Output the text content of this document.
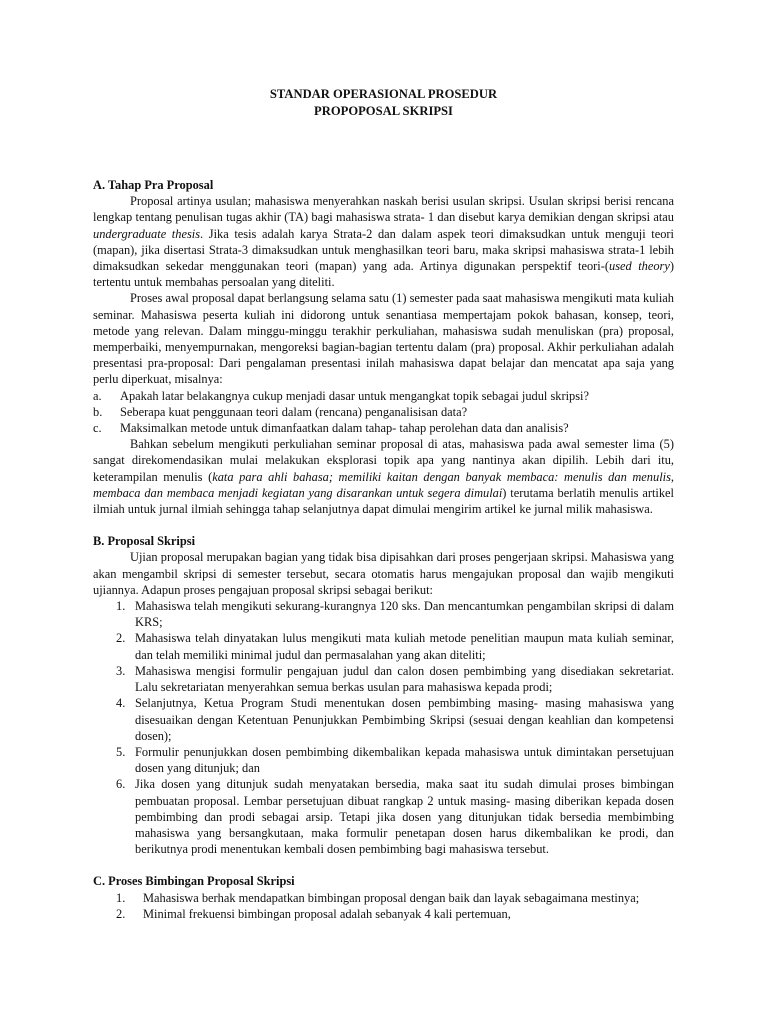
STANDAR OPERASIONAL PROSEDUR
PROPOPOSAL SKRIPSI
A. Tahap Pra Proposal

Proposal artinya usulan; mahasiswa menyerahkan naskah berisi usulan skripsi. Usulan skripsi berisi rencana lengkap tentang penulisan tugas akhir (TA) bagi mahasiswa strata- 1 dan disebut karya demikian dengan skripsi atau undergraduate thesis. Jika tesis adalah karya Strata-2 dan dalam aspek teori dimaksudkan untuk menguji teori (mapan), jika disertasi Strata-3 dimaksudkan untuk menghasilkan teori baru, maka skripsi mahasiswa strata-1 lebih dimaksudkan sekedar menggunakan teori (mapan) yang ada. Artinya digunakan perspektif teori-(used theory) tertentu untuk membahas persoalan yang diteliti.

Proses awal proposal dapat berlangsung selama satu (1) semester pada saat mahasiswa mengikuti mata kuliah seminar. Mahasiswa peserta kuliah ini didorong untuk senantiasa mempertajam pokok bahasan, konsep, teori, metode yang relevan. Dalam minggu-minggu terakhir perkuliahan, mahasiswa sudah menuliskan (pra) proposal, memperbaiki, menyempurnakan, mengoreksi bagian-bagian tertentu dalam (pra) proposal. Akhir perkuliahan adalah presentasi pra-proposal: Dari pengalaman presentasi inilah mahasiswa dapat belajar dan mencatat apa saja yang perlu diperkuat, misalnya:

a. Apakah latar belakangnya cukup menjadi dasar untuk mengangkat topik sebagai judul skripsi?
b. Seberapa kuat penggunaan teori dalam (rencana) penganalisisan data?
c. Maksimalkan metode untuk dimanfaatkan dalam tahap- tahap perolehan data dan analisis?

Bahkan sebelum mengikuti perkuliahan seminar proposal di atas, mahasiswa pada awal semester lima (5) sangat direkomendasikan mulai melakukan eksplorasi topik apa yang nantinya akan dipilih. Lebih dari itu, keterampilan menulis (kata para ahli bahasa; memiliki kaitan dengan banyak membaca: menulis dan menulis, membaca dan membaca menjadi kegiatan yang disarankan untuk segera dimulai) terutama berlatih menulis artikel ilmiah untuk jurnal ilmiah sehingga tahap selanjutnya dapat dimulai mengirim artikel ke jurnal milik mahasiswa.

B. Proposal Skripsi

Ujian proposal merupakan bagian yang tidak bisa dipisahkan dari proses pengerjaan skripsi. Mahasiswa yang akan mengambil skripsi di semester tersebut, secara otomatis harus mengajukan proposal dan wajib mengikuti ujiannya. Adapun proses pengajuan proposal skripsi sebagai berikut:

1. Mahasiswa telah mengikuti sekurang-kurangnya 120 sks. Dan mencantumkan pengambilan skripsi di dalam KRS;
2. Mahasiswa telah dinyatakan lulus mengikuti mata kuliah metode penelitian maupun mata kuliah seminar, dan telah memiliki minimal judul dan permasalahan yang akan diteliti;
3. Mahasiswa mengisi formulir pengajuan judul dan calon dosen pembimbing yang disediakan sekretariat. Lalu sekretariatan menyerahkan semua berkas usulan para mahasiswa kepada prodi;
4. Selanjutnya, Ketua Program Studi menentukan dosen pembimbing masing- masing mahasiswa yang disesuaikan dengan Ketentuan Penunjukkan Pembimbing Skripsi (sesuai dengan keahlian dan kompetensi dosen);
5. Formulir penunjukkan dosen pembimbing dikembalikan kepada mahasiswa untuk dimintakan persetujuan dosen yang ditunjuk; dan
6. Jika dosen yang ditunjuk sudah menyatakan bersedia, maka saat itu sudah dimulai proses bimbingan pembuatan proposal. Lembar persetujuan dibuat rangkap 2 untuk masing- masing diberikan kepada dosen pembimbing dan prodi sebagai arsip. Tetapi jika dosen yang ditunjukan tidak bersedia membimbing mahasiswa yang bersangkutaan, maka formulir penetapan dosen harus dikembalikan ke prodi, dan berikutnya prodi menentukan kembali dosen pembimbing bagi mahasiswa tersebut.
C. Proses Bimbingan Proposal Skripsi
1. Mahasiswa berhak mendapatkan bimbingan proposal dengan baik dan layak sebagaimana mestinya;
2. Minimal frekuensi bimbingan proposal adalah sebanyak 4 kali pertemuan,
